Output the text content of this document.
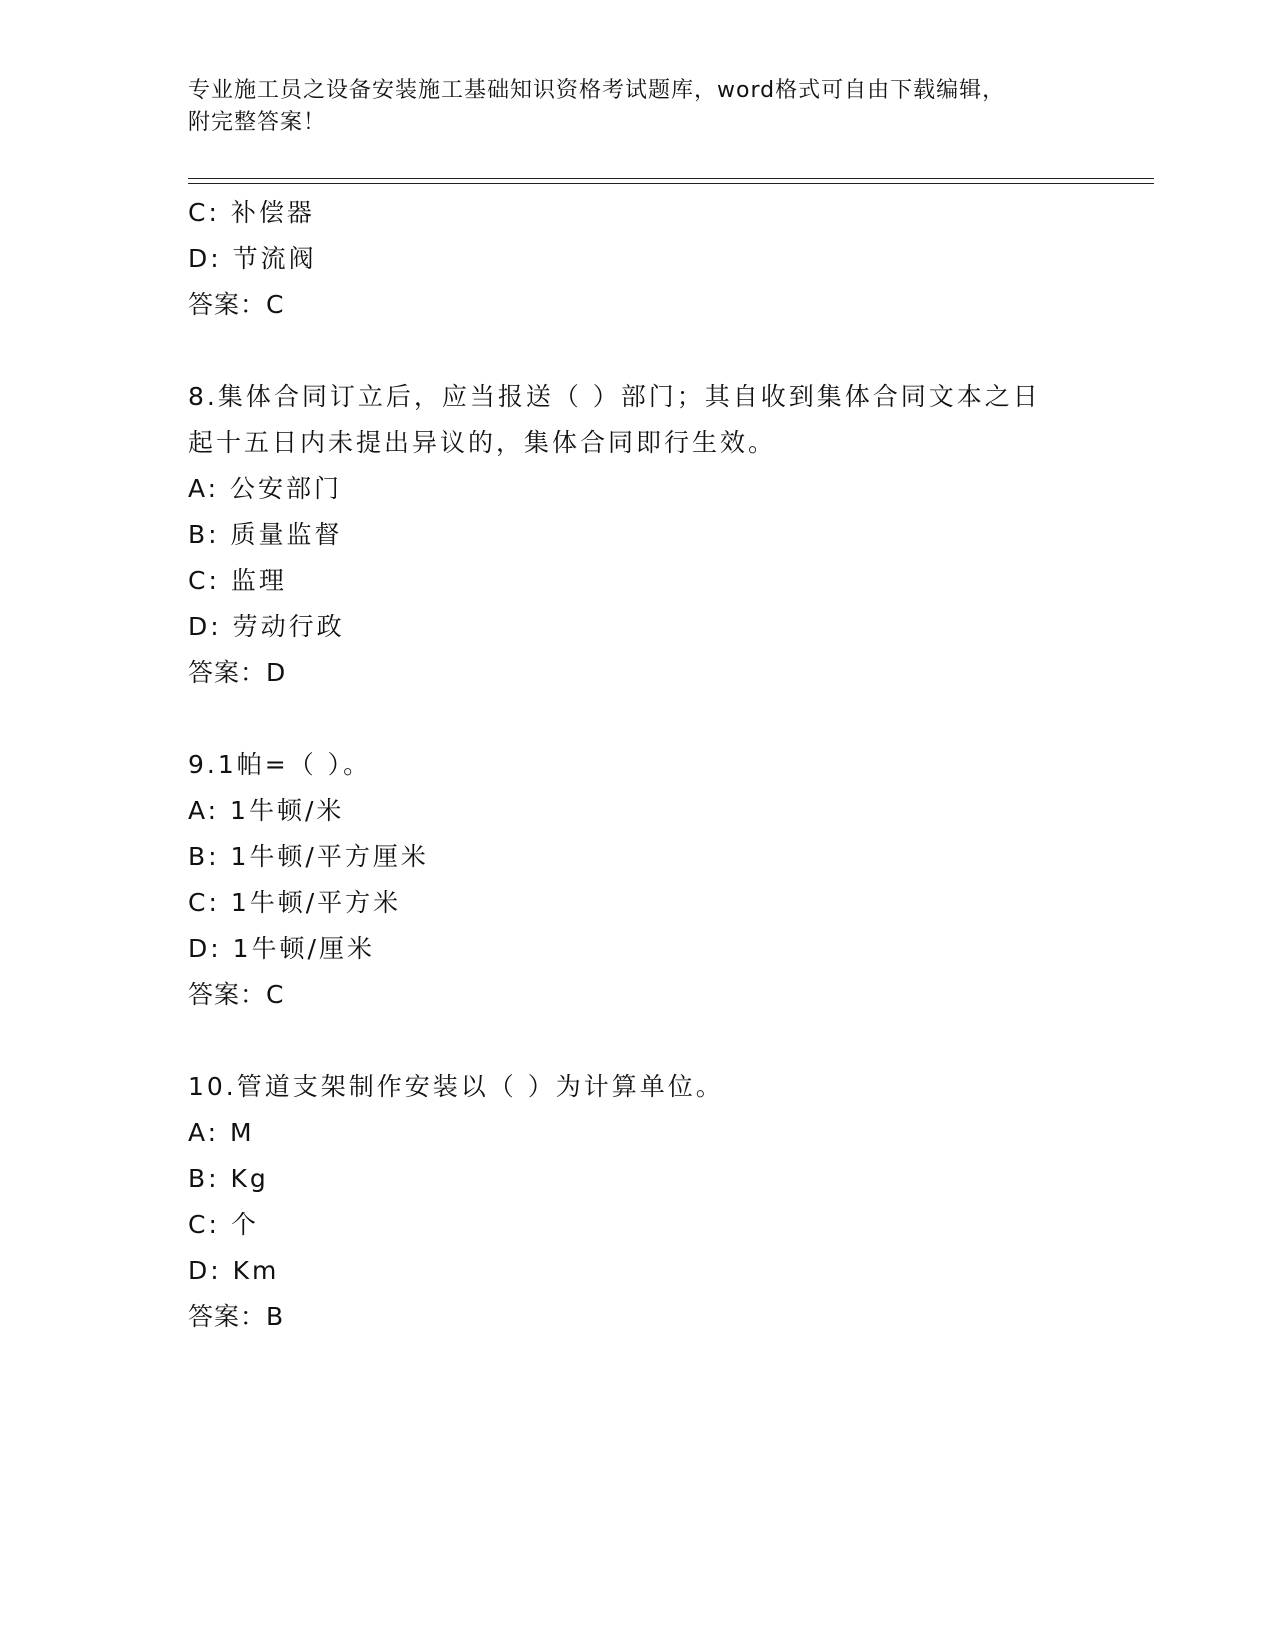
专业施工员之设备安装施工基础知识资格考试题库，word格式可自由下载编辑，
附完整答案！
C: 补偿器
D: 节流阀
答案：C
8.集体合同订立后，应当报送（ ）部门；其自收到集体合同文本之日
起十五日内未提出异议的，集体合同即行生效。
A: 公安部门
B: 质量监督
C: 监理
D: 劳动行政
答案：D
9.1帕=（ ）。
A: 1牛顿/米
B: 1牛顿/平方厘米
C: 1牛顿/平方米
D: 1牛顿/厘米
答案：C
10.管道支架制作安装以（ ）为计算单位。
A: M
B: Kg
C: 个
D: Km
答案：B
